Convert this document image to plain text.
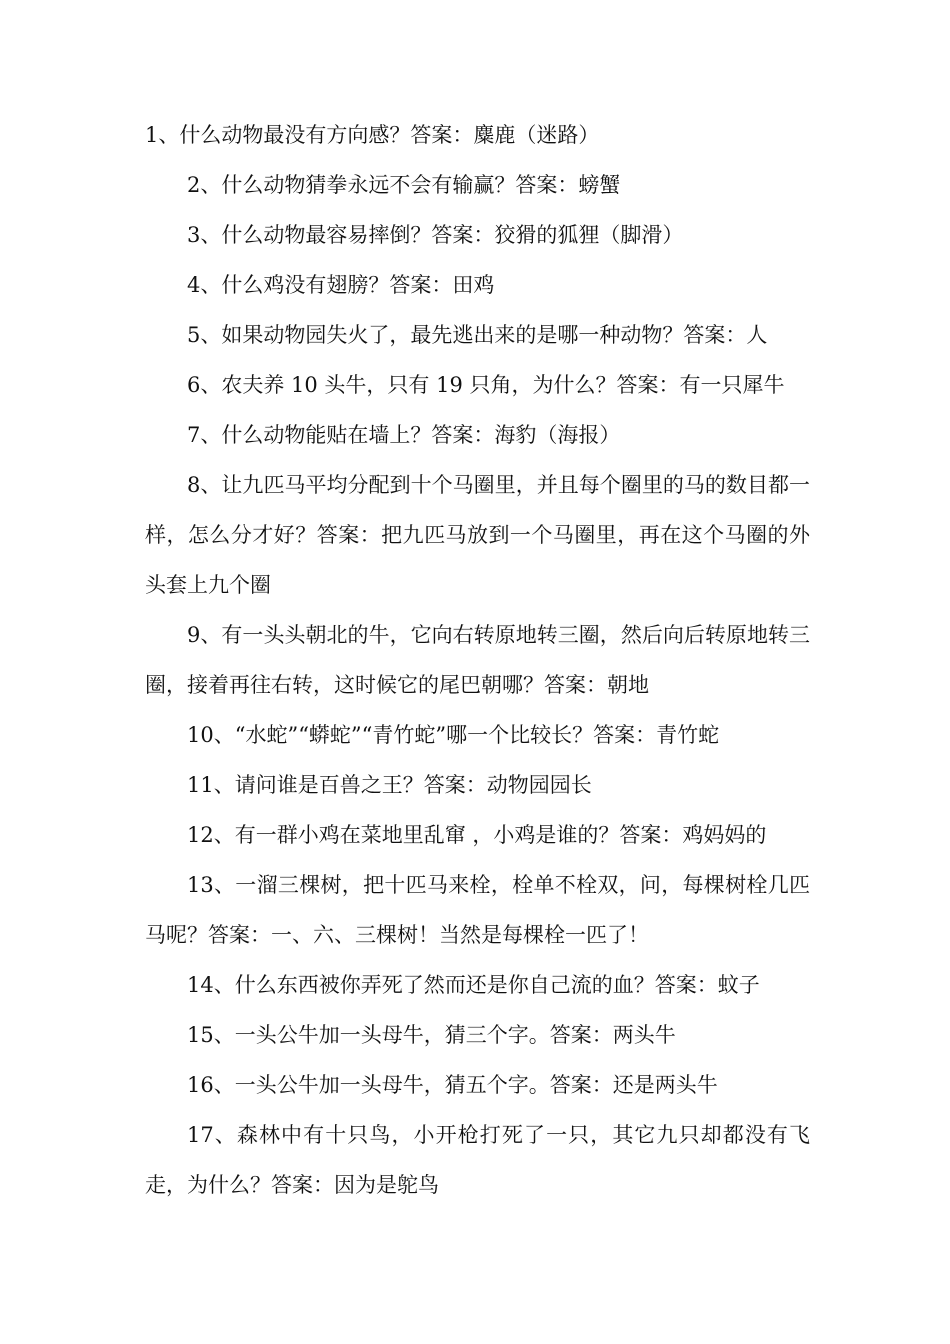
1、什么动物最没有方向感？答案：麋鹿（迷路）

2、什么动物猜拳永远不会有输赢？答案：螃蟹

3、什么动物最容易摔倒？答案：狡猾的狐狸（脚滑）

4、什么鸡没有翅膀？答案：田鸡

5、如果动物园失火了，最先逃出来的是哪一种动物？答案：人

6、农夫养 10 头牛，只有 19 只角，为什么？答案：有一只犀牛

7、什么动物能贴在墙上？答案：海豹（海报）

8、让九匹马平均分配到十个马圈里，并且每个圈里的马的数目都一样，怎么分才好？答案：把九匹马放到一个马圈里，再在这个马圈的外头套上九个圈

9、有一头头朝北的牛，它向右转原地转三圈，然后向后转原地转三圈，接着再往右转，这时候它的尾巴朝哪？答案：朝地

10、“水蛇”“蟒蛇”“青竹蛇”哪一个比较长？答案：青竹蛇

11、请问谁是百兽之王？答案：动物园园长

12、有一群小鸡在菜地里乱窜 ，小鸡是谁的？答案：鸡妈妈的

13、一溜三棵树，把十匹马来栓，栓单不栓双，问，每棵树栓几匹马呢？答案：一、六、三棵树！当然是每棵栓一匹了！

14、什么东西被你弄死了然而还是你自己流的血？答案：蚊子

15、一头公牛加一头母牛，猜三个字。答案：两头牛

16、一头公牛加一头母牛，猜五个字。答案：还是两头牛

17、森林中有十只鸟，小开枪打死了一只，其它九只却都没有飞走，为什么？答案：因为是鸵鸟
